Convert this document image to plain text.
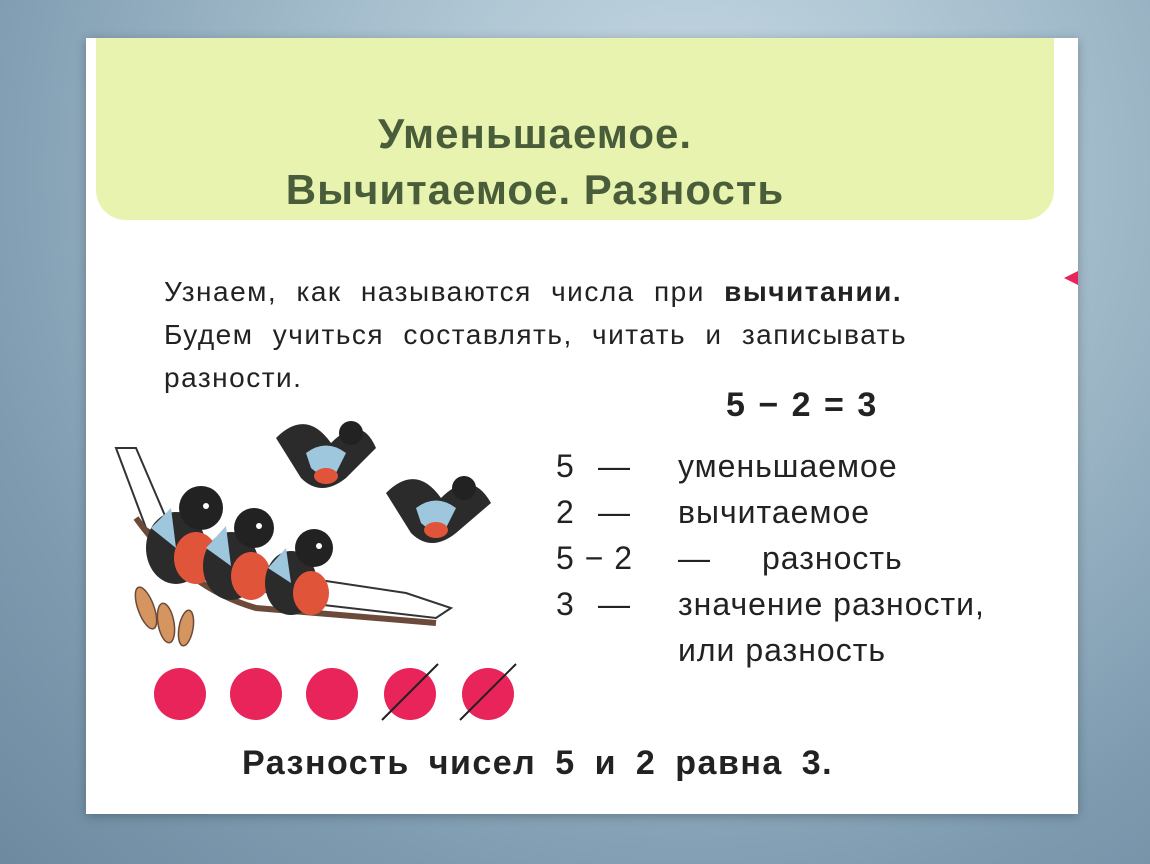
Уменьшаемое.
Вычитаемое. Разность
Узнаем, как называются числа при вычитании.
Будем учиться составлять, читать и записывать
разности.
5 − 2 = 3
5 — уменьшаемое
2 — вычитаемое
5 − 2 — разность
3 — значение разности,
или разность
Разность чисел 5 и 2 равна 3.
